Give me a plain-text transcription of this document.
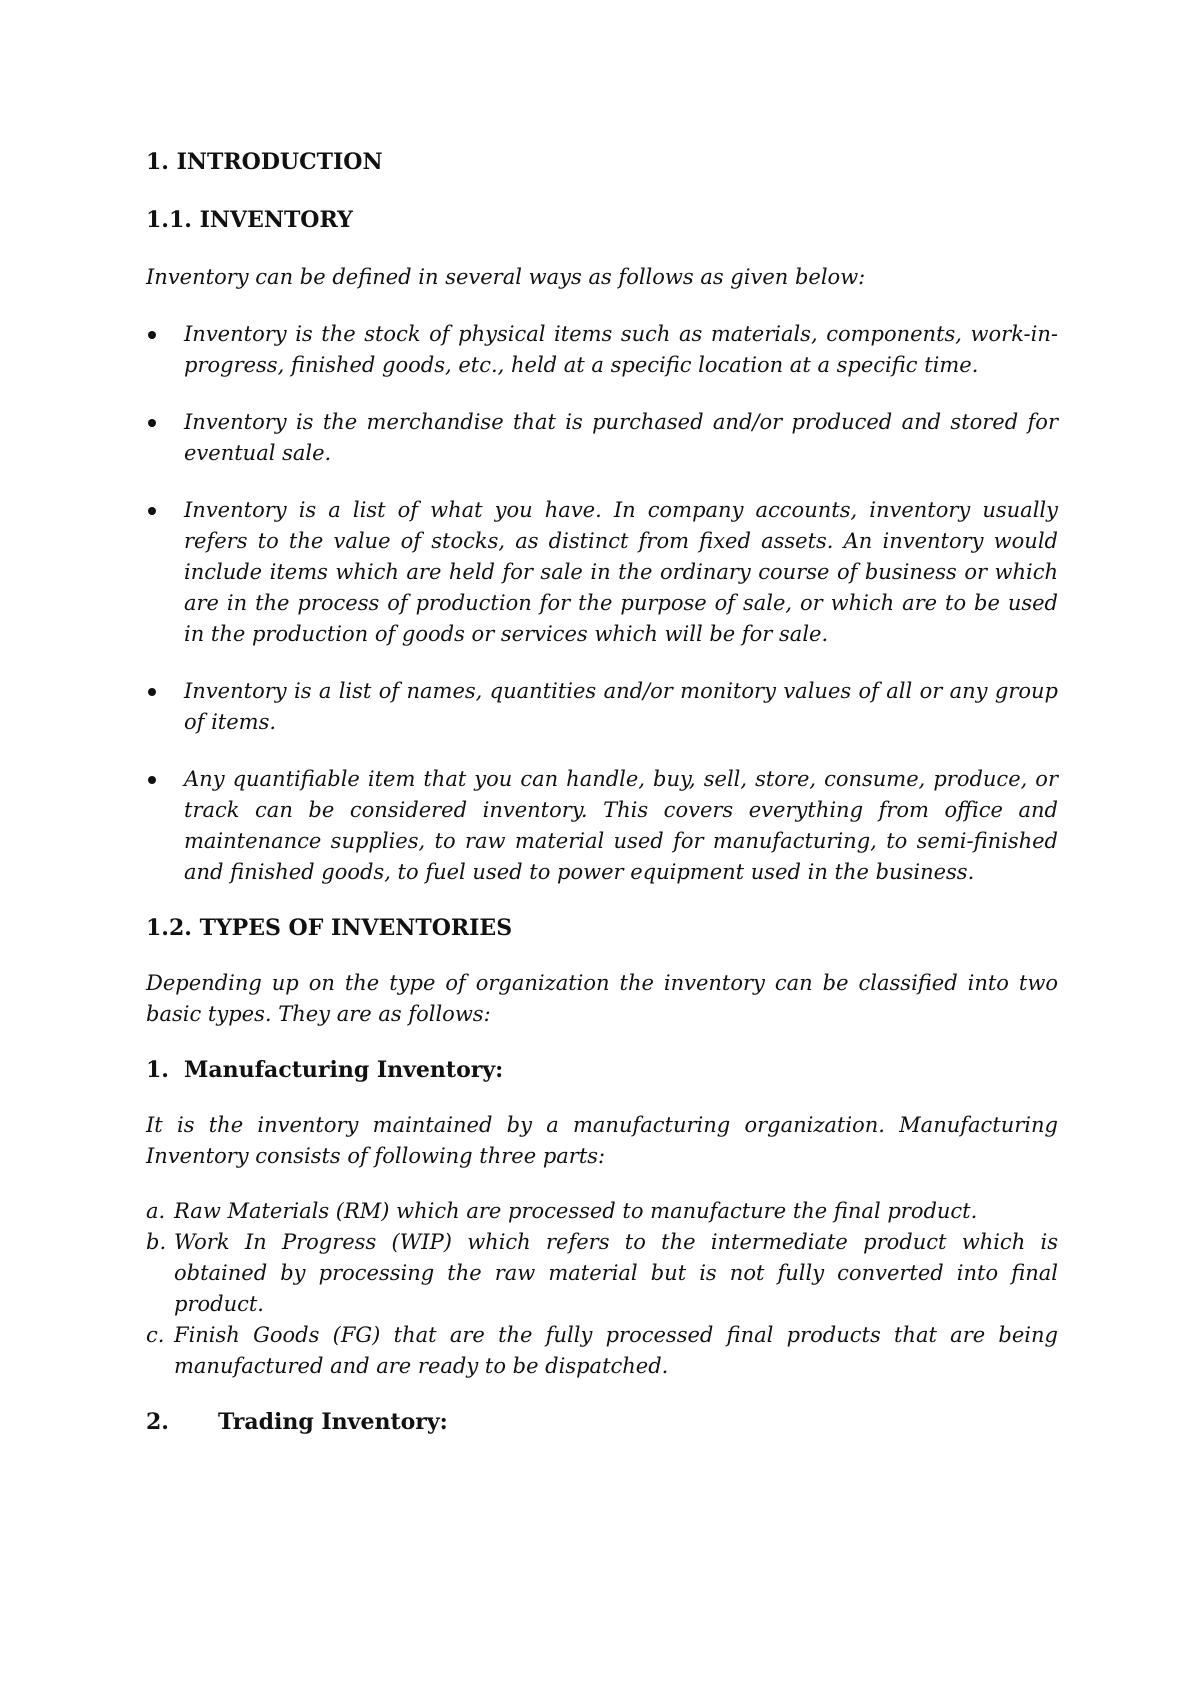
1. INTRODUCTION
1.1. INVENTORY

Inventory can be defined in several ways as follows as given below:

Inventory is the stock of physical items such as materials, components, work-in-progress, finished goods, etc., held at a specific location at a specific time.
Inventory is the merchandise that is purchased and/or produced and stored for eventual sale.
Inventory is a list of what you have. In company accounts, inventory usually refers to the value of stocks, as distinct from fixed assets. An inventory would include items which are held for sale in the ordinary course of business or which are in the process of production for the purpose of sale, or which are to be used in the production of goods or services which will be for sale.
Inventory is a list of names, quantities and/or monitory values of all or any group of items.
Any quantifiable item that you can handle, buy, sell, store, consume, produce, or track can be considered inventory. This covers everything from office and maintenance supplies, to raw material used for manufacturing, to semi-finished and finished goods, to fuel used to power equipment used in the business.
1.2. TYPES OF INVENTORIES

Depending up on the type of organization the inventory can be classified into two basic types. They are as follows:

1. Manufacturing Inventory:

It is the inventory maintained by a manufacturing organization. Manufacturing Inventory consists of following three parts:

a. Raw Materials (RM) which are processed to manufacture the final product.
b. Work In Progress (WIP) which refers to the intermediate product which is obtained by processing the raw material but is not fully converted into final product.
c. Finish Goods (FG) that are the fully processed final products that are being manufactured and are ready to be dispatched.
2.	Trading Inventory:
